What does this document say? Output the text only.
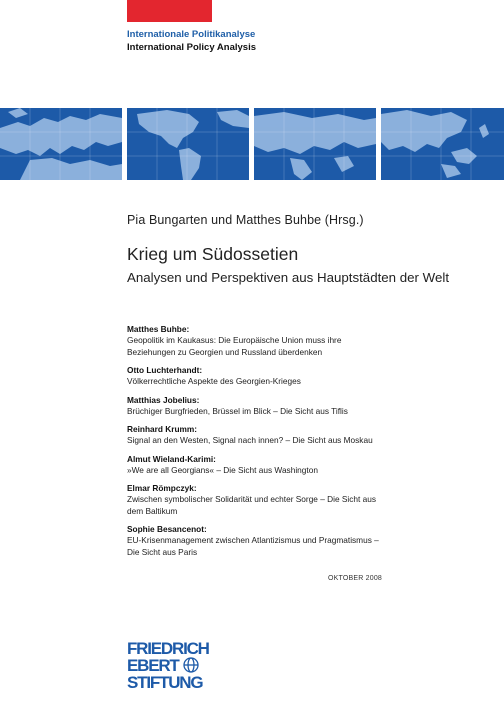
Internationale Politikanalyse
International Policy Analysis
Pia Bungarten und Matthes Buhbe (Hrsg.)
Krieg um Südossetien
Analysen und Perspektiven aus Hauptstädten der Welt
Matthes Buhbe:
Geopolitik im Kaukasus: Die Europäische Union muss ihre Beziehungen zu Georgien und Russland überdenken
Otto Luchterhandt:
Völkerrechtliche Aspekte des Georgien-Krieges
Matthias Jobelius:
Brüchiger Burgfrieden, Brüssel im Blick – Die Sicht aus Tiflis
Reinhard Krumm:
Signal an den Westen, Signal nach innen? – Die Sicht aus Moskau
Almut Wieland-Karimi:
»We are all Georgians« – Die Sicht aus Washington
Elmar Römpczyk:
Zwischen symbolischer Solidarität und echter Sorge – Die Sicht aus dem Baltikum
Sophie Besancenot:
EU-Krisenmanagement zwischen Atlantizismus und Pragmatismus – Die Sicht aus Paris
OKTOBER 2008
FRIEDRICH
EBERT
STIFTUNG
